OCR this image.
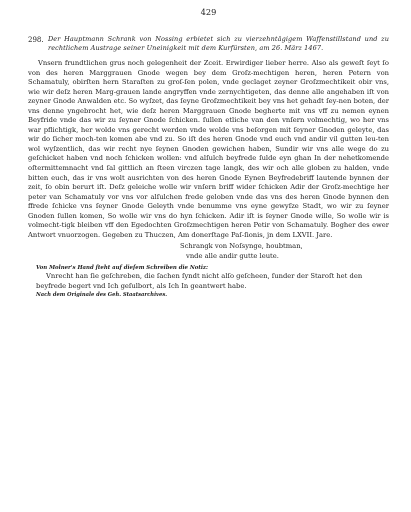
429
298. Der Hauptmann Schrank von Nossing erbietet sich zu vierzehntägigem Waffenstillstand und zu rechtlichem Austrage seiner Uneinigkeit mit dem Kurfürsten, am 26. März 1467.
Vnsern frundtlichen grus noch gelegenheit der Zceit. Erwirdiger lieber herre. Also als geweſt ſeyt ſo von des heren Marggrauen Gnode wegen bey dem Groſz-mechtigen heren, heren Petern von Schamatuly, obirſten hern Staraſten zu groſ-ſen polen, vnde geclaget zeyner Groſzmechtikeit obir vns, wie wir deſz heren Marg-grauen lande angryffen vnde zernychtigeten, das denne alle angehaben iſt von zeyner Gnode Anwalden etc. So wyſzet, das ſeyne Groſzmechtikeit bey vns het gehadt ſey-nen boten, der vns denne yngebrocht het, wie deſz heren Marggrauen Gnode begherte mit vns vff zu nemen eynen Beyfride vnde das wir zu ſeyner Gnode ſchicken. ſullen etliche van den vnſern volmechtig, wo her vns war pflichtigk, her wolde vns gerecht werden vnde wolde vns beſorgen mit ſeyner Gnoden geleyte, das wir do ſicher moch-ten komen abe vnd zu. So iſt des heren Gnode vnd euch vnd andir vil gutten leu-ten wol wyſzentlich, das wir recht nye ſeynen Gnoden gewichen haben, Sundir wir vns alle wege do zu geſchicket haben vnd noch ſchicken wollen: vnd alſulch beyfrede ſulde eyn ghan In der nehetkomende oſtermittemnacht vnd ſal gittlich an ſteen virczen tage langk, des wir och alle globen zu halden, vnde bitten euch, das ir vns wolt ausrichten von des heren Gnode Eynen Beyfredebriff lautende bynnen der zeit, ſo obin berurt iſt. Deſz geleiche wolle wir vnſern briff wider ſchicken Adir der Groſz-mechtige her peter van Schamatuly vor vns vor alſulchen frede geloben vnde das vns des heren Gnode bynnen den ffrede ſchicke vns ſeyner Gnode Geleyth vnde benumme vns eyne gewyſze Stadt, wo wir zu ſeyner Gnoden ſullen komen, So wolle wir vns do hyn ſchicken. Adir iſt is ſeyner Gnode wille, So wolle wir is volmecht-tigk bleiben vff den Egedochten Groſzmechtigen heren Petir von Schamatuly. Bogher des ewer Antwort vnuorzogen. Gegeben zu Thuczen, Am donerſtage Paſ-ſionis, jn dem LXVII. Jare.
Schrangk von Noſsynge, houbtman,
vnde alle andir gutte leute.
Von Molner's Hand ſteht auf dieſem Schreiben die Notiz:
Vnrecht han ſie geſchreben, die ſachen ſyndt nicht alſo geſcheen, ſunder der Staroſt het den beyfrede begert vnd Ich geſulbort, als Ich In geantwert habe.
Nach dem Originale des Geh. Staatsarchives.
